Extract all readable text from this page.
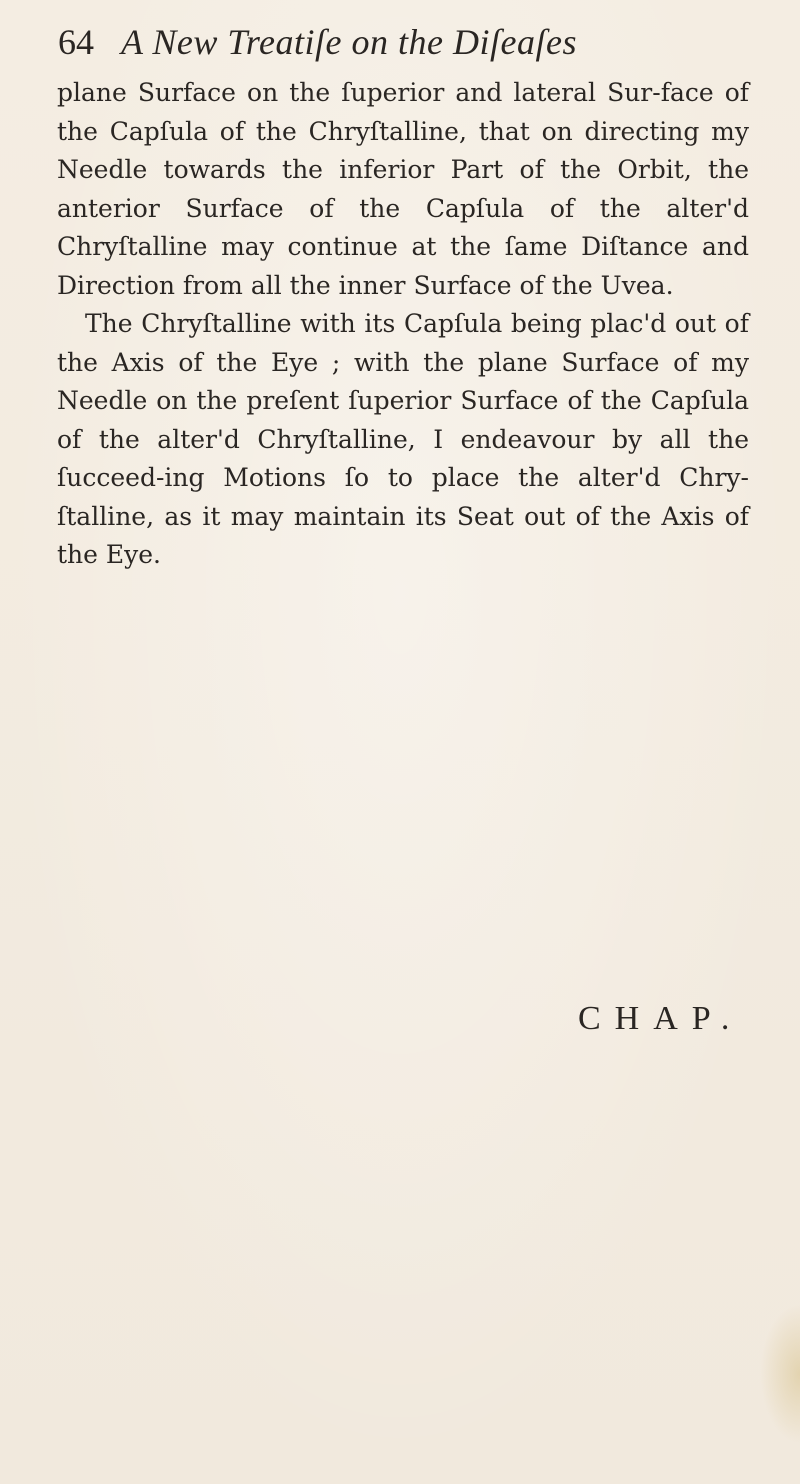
64 A New Treatiſe on the Diſeaſes

plane Surface on the ſuperior and lateral Sur-face of the Capſula of the Chryſtalline, that on directing my Needle towards the inferior Part of the Orbit, the anterior Surface of the Capſula of the alter'd Chryſtalline may continue at the ſame Diſtance and Direction from all the inner Surface of the Uvea.

The Chryſtalline with its Capſula being plac'd out of the Axis of the Eye ; with the plane Surface of my Needle on the preſent ſuperior Surface of the Capſula of the alter'd Chryſtalline, I endeavour by all the ſucceed-ing Motions ſo to place the alter'd Chry-ſtalline, as it may maintain its Seat out of the Axis of the Eye.

CHAP.
